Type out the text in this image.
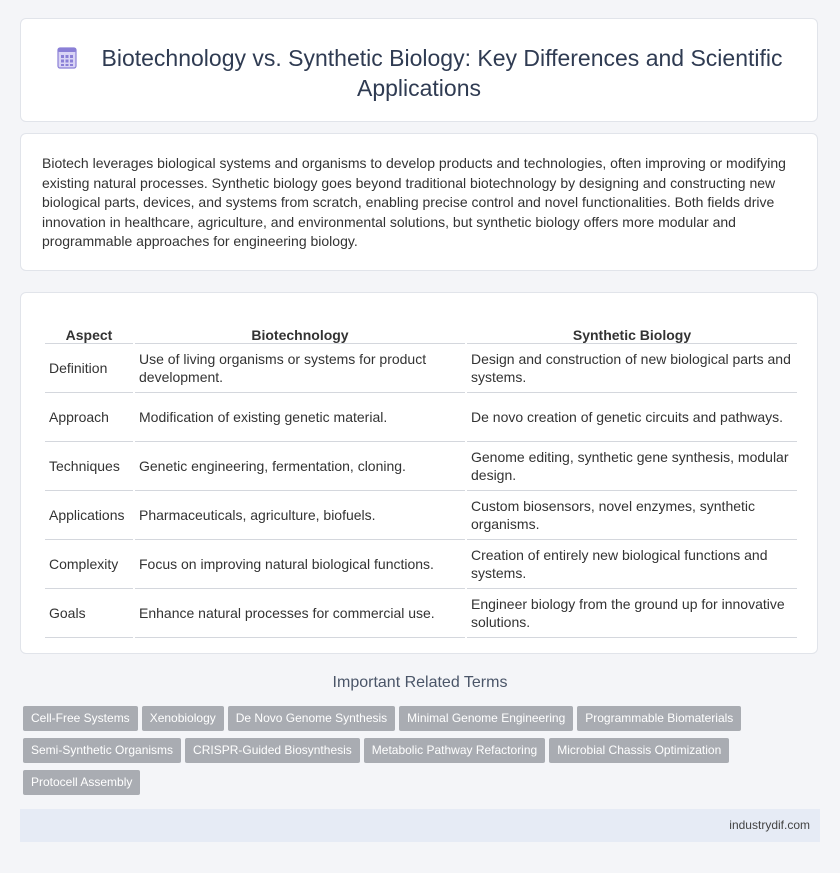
Biotechnology vs. Synthetic Biology: Key Differences and Scientific Applications
Biotech leverages biological systems and organisms to develop products and technologies, often improving or modifying existing natural processes. Synthetic biology goes beyond traditional biotechnology by designing and constructing new biological parts, devices, and systems from scratch, enabling precise control and novel functionalities. Both fields drive innovation in healthcare, agriculture, and environmental solutions, but synthetic biology offers more modular and programmable approaches for engineering biology.
Aspect	Biotechnology	Synthetic Biology
Definition	Use of living organisms or systems for product development.	Design and construction of new biological parts and systems.
Approach	Modification of existing genetic material.	De novo creation of genetic circuits and pathways.
Techniques	Genetic engineering, fermentation, cloning.	Genome editing, synthetic gene synthesis, modular design.
Applications	Pharmaceuticals, agriculture, biofuels.	Custom biosensors, novel enzymes, synthetic organisms.
Complexity	Focus on improving natural biological functions.	Creation of entirely new biological functions and systems.
Goals	Enhance natural processes for commercial use.	Engineer biology from the ground up for innovative solutions.
Important Related Terms
Cell-Free Systems Xenobiology De Novo Genome Synthesis Minimal Genome Engineering Programmable Biomaterials
Semi-Synthetic Organisms CRISPR-Guided Biosynthesis Metabolic Pathway Refactoring Microbial Chassis Optimization
Protocell Assembly
industrydif.com
